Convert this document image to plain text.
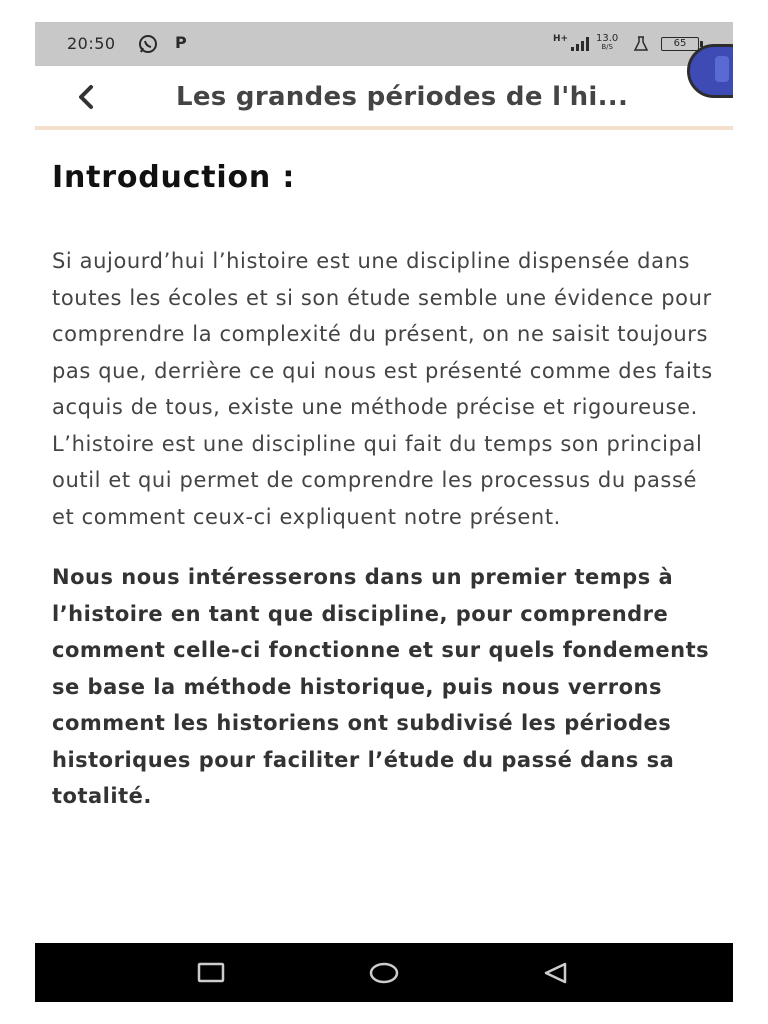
20:50	P	H+	13.0
B/S	65
Les grandes périodes de l'hi...
Introduction :

Si aujourd’hui l’histoire est une discipline dispensée dans toutes les écoles et si son étude semble une évidence pour comprendre la complexité du présent, on ne saisit toujours pas que, derrière ce qui nous est présenté comme des faits acquis de tous, existe une méthode précise et rigoureuse. L’histoire est une discipline qui fait du temps son principal outil et qui permet de comprendre les processus du passé et comment ceux-ci expliquent notre présent.

Nous nous intéresserons dans un premier temps à l’histoire en tant que discipline, pour comprendre comment celle-ci fonctionne et sur quels fondements se base la méthode historique, puis nous verrons comment les historiens ont subdivisé les périodes historiques pour faciliter l’étude du passé dans sa totalité.
